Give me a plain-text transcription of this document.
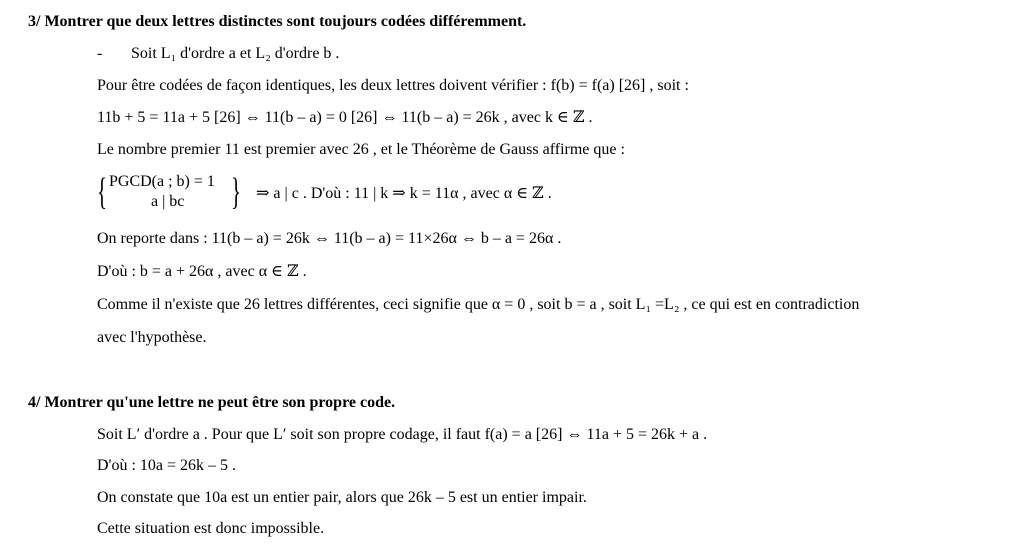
3/ Montrer que deux lettres distinctes sont toujours codées différemment.
- Soit L₁ d'ordre a et L₂ d'ordre b .
Pour être codées de façon identiques, les deux lettres doivent vérifier : f(b) = f(a) [26] , soit :
11b + 5 = 11a + 5 [26] ⇔ 11(b – a) = 0 [26] ⇔ 11(b – a) = 26k , avec k ∈ ℤ .
Le nombre premier 11 est premier avec 26 , et le Théorème de Gauss affirme que :
{ PGCD(a ; b) = 1
a | bc } ⇒ a | c . D'où : 11 | k ⇒ k = 11α , avec α ∈ ℤ .
On reporte dans : 11(b – a) = 26k ⇔ 11(b – a) = 11×26α ⇔ b – a = 26α .
D'où : b = a + 26α , avec α ∈ ℤ .
Comme il n'existe que 26 lettres différentes, ceci signifie que α = 0 , soit b = a , soit L₁ =L₂ , ce qui est en contradiction
avec l'hypothèse.
4/ Montrer qu'une lettre ne peut être son propre code.
Soit L′ d'ordre a . Pour que L′ soit son propre codage, il faut f(a) = a [26] ⇔ 11a + 5 = 26k + a .
D'où : 10a = 26k – 5 .
On constate que 10a est un entier pair, alors que 26k – 5 est un entier impair.
Cette situation est donc impossible.
